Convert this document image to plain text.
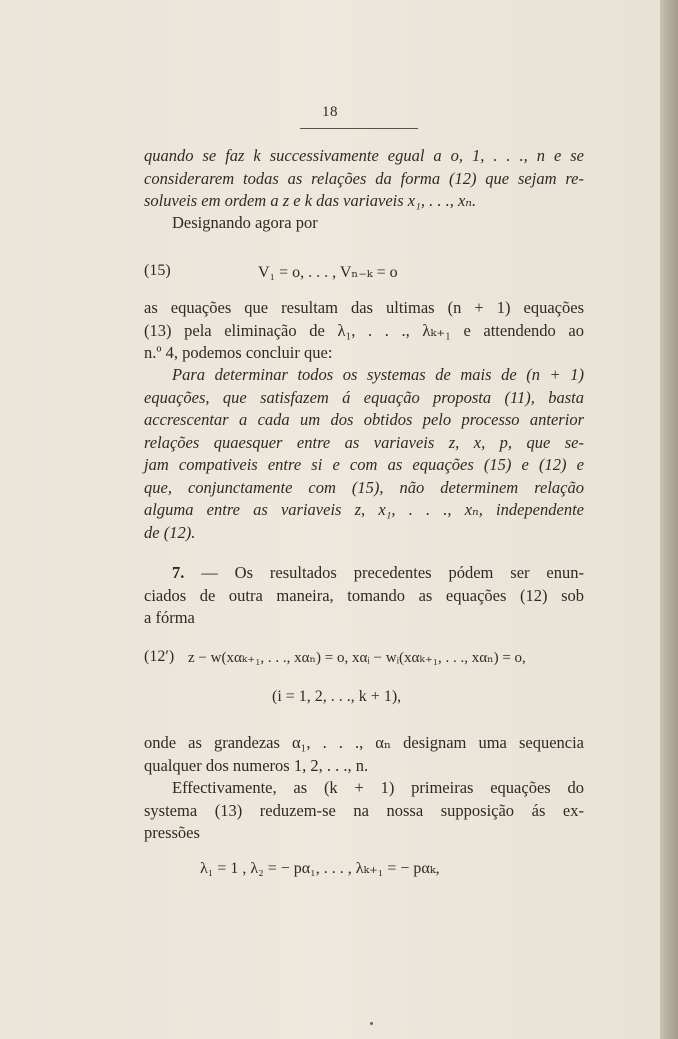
18
quando se faz k successivamente egual a o, 1, . . ., n e se
considerarem todas as relações da forma (12) que sejam re-
soluveis em ordem a z e k das variaveis x₁, . . ., xₙ.
Designando agora por
(15)	V₁ = o, . . . , Vₙ₋ₖ = o
as equações que resultam das ultimas (n + 1) equações
(13) pela eliminação de λ₁, . . ., λₖ₊₁ e attendendo ao
n.º 4, podemos concluir que:
Para determinar todos os systemas de mais de (n + 1)
equações, que satisfazem á equação proposta (11), basta
accrescentar a cada um dos obtidos pelo processo anterior
relações quaesquer entre as variaveis z, x, p, que se-
jam compativeis entre si e com as equações (15) e (12) e
que, conjunctamente com (15), não determinem relação
alguma entre as variaveis z, x₁, . . ., xₙ, independente
de (12).
7. — Os resultados precedentes pódem ser enun-
ciados de outra maneira, tomando as equações (12) sob
a fórma
(12′) z − w(xαₖ₊₁, . . ., xαₙ) = o, xαᵢ − wᵢ(xαₖ₊₁, . . ., xαₙ) = o,
(i = 1, 2, . . ., k + 1),
onde as grandezas α₁, . . ., αₙ designam uma sequencia
qualquer dos numeros 1, 2, . . ., n.
Effectivamente, as (k + 1) primeiras equações do
systema (13) reduzem-se na nossa supposição ás ex-
pressões
λ₁ = 1 , λ₂ = − pα₁, . . . , λₖ₊₁ = − pαₖ,
